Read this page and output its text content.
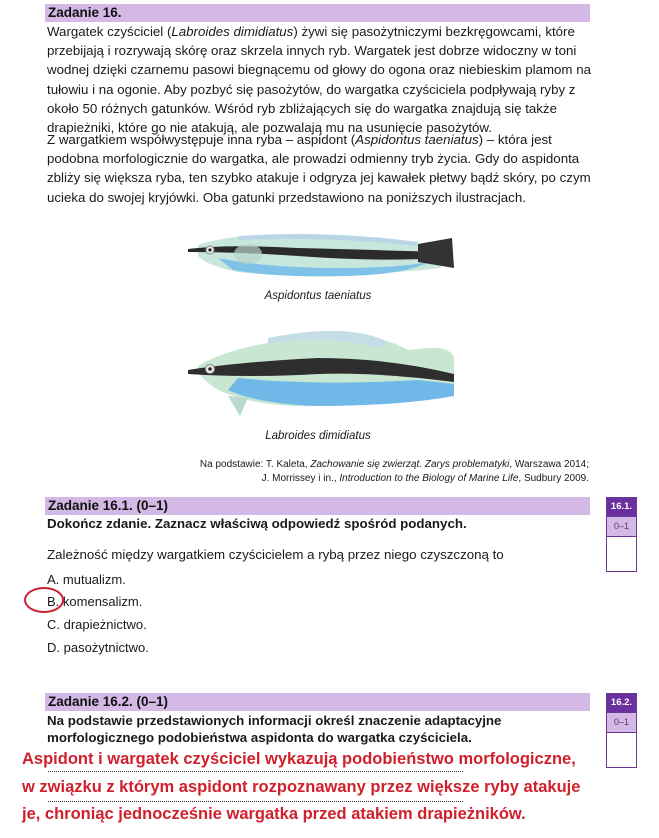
Zadanie 16.
Wargatek czyściciel (Labroides dimidiatus) żywi się pasożytniczymi bezkręgowcami, które przebijają i rozrywają skórę oraz skrzela innych ryb. Wargatek jest dobrze widoczny w toni wodnej dzięki czarnemu pasowi biegnącemu od głowy do ogona oraz niebieskim plamom na tułowiu i na ogonie. Aby pozbyć się pasożytów, do wargatka czyściciela podpływają ryby z około 50 różnych gatunków. Wśród ryb zbliżających się do wargatka znajdują się także drapieżniki, które go nie atakują, ale pozwalają mu na usunięcie pasożytów.
Z wargatkiem współwystępuje inna ryba – aspidont (Aspidontus taeniatus) – która jest podobna morfologicznie do wargatka, ale prowadzi odmienny tryb życia. Gdy do aspidonta zbliży się większa ryba, ten szybko atakuje i odgryza jej kawałek płetwy bądź skóry, po czym ucieka do swojej kryjówki. Oba gatunki przedstawiono na poniższych ilustracjach.
Aspidontus taeniatus
Labroides dimidiatus
Na podstawie: T. Kaleta, Zachowanie się zwierząt. Zarys problematyki, Warszawa 2014;
J. Morrissey i in., Introduction to the Biology of Marine Life, Sudbury 2009.
Zadanie 16.1. (0–1)
Dokończ zdanie. Zaznacz właściwą odpowiedź spośród podanych.
Zależność między wargatkiem czyścicielem a rybą przez niego czyszczoną to
A. mutualizm.
B. komensalizm.
C. drapieżnictwo.
D. pasożytnictwo.
16.1.
0–1
Zadanie 16.2. (0–1)
Na podstawie przedstawionych informacji określ znaczenie adaptacyjne
morfologicznego podobieństwa aspidonta do wargatka czyściciela.
16.2.
0–1
Aspidont i wargatek czyściciel wykazują podobieństwo morfologiczne,
w związku z którym aspidont rozpoznawany przez większe ryby atakuje
je, chroniąc jednocześnie wargatka przed atakiem drapieżników.
